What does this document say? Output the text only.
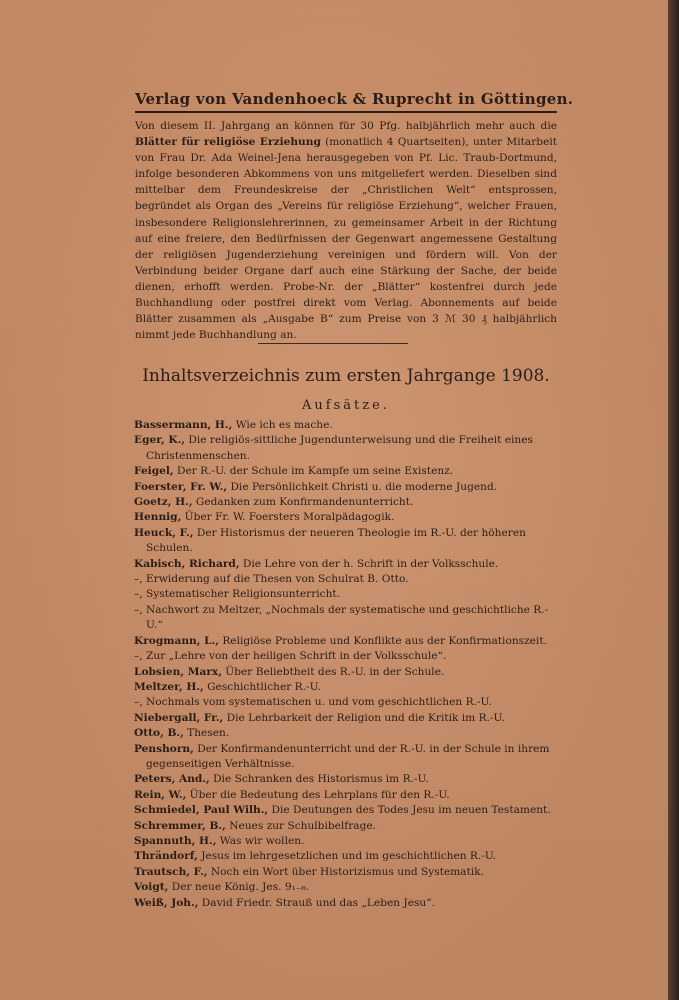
Verlag von Vandenhoeck & Ruprecht in Göttingen.

Von diesem II. Jahrgang an können für 30 Pfg. halbjährlich mehr auch die Blätter für religiöse Erziehung (monatlich 4 Quartseiten), unter Mitarbeit von Frau Dr. Ada Weinel-Jena herausgegeben von Pf. Lic. Traub-Dortmund, infolge besonderen Abkommens von uns mitgeliefert werden. Dieselben sind mittelbar dem Freundeskreise der „Christlichen Welt“ entsprossen, begründet als Organ des „Vereins für religiöse Erziehung“, welcher Frauen, insbesondere Religionslehrerinnen, zu gemeinsamer Arbeit in der Richtung auf eine freiere, den Bedürfnissen der Gegenwart angemessene Gestaltung der religiösen Jugenderziehung vereinigen und fördern will. Von der Verbindung beider Organe darf auch eine Stärkung der Sache, der beide dienen, erhofft werden. Probe-Nr. der „Blätter“ kostenfrei durch jede Buchhandlung oder postfrei direkt vom Verlag. Abonnements auf beide Blätter zusammen als „Ausgabe B“ zum Preise von 3 ℳ 30 ₰ halbjährlich nimmt jede Buchhandlung an.

Inhaltsverzeichnis zum ersten Jahrgange 1908.
Aufsätze.
Bassermann, H., Wie ich es mache.
Eger, K., Die religiös-sittliche Jugendunterweisung und die Freiheit eines Christenmenschen.
Feigel, Der R.-U. der Schule im Kampfe um seine Existenz.
Foerster, Fr. W., Die Persönlichkeit Christi u. die moderne Jugend.
Goetz, H., Gedanken zum Konfirmandenunterricht.
Hennig, Über Fr. W. Foersters Moralpädagogik.
Heuck, F., Der Historismus der neueren Theologie im R.-U. der höheren Schulen.
Kabisch, Richard, Die Lehre von der h. Schrift in der Volksschule.
–, Erwiderung auf die Thesen von Schulrat B. Otto.
–, Systematischer Religionsunterricht.
–, Nachwort zu Meltzer, „Nochmals der systematische und geschichtliche R.-U.“
Krogmann, L., Religiöse Probleme und Konflikte aus der Konfirmationszeit.
–, Zur „Lehre von der heiligen Schrift in der Volksschule“.
Lobsien, Marx, Über Beliebtheit des R.-U. in der Schule.
Meltzer, H., Geschichtlicher R.-U.
–, Nochmals vom systematischen u. und vom geschichtlichen R.-U.
Niebergall, Fr., Die Lehrbarkeit der Religion und die Kritik im R.-U.
Otto, B., Thesen.
Penshorn, Der Konfirmandenunterricht und der R.-U. in der Schule in ihrem gegenseitigen Verhältnisse.
Peters, And., Die Schranken des Historismus im R.-U.
Rein, W., Über die Bedeutung des Lehrplans für den R.-U.
Schmiedel, Paul Wilh., Die Deutungen des Todes Jesu im neuen Testament.
Schremmer, B., Neues zur Schulbibelfrage.
Spannuth, H., Was wir wollen.
Thrändorf, Jesus im lehrgesetzlichen und im geschichtlichen R.-U.
Trautsch, F., Noch ein Wort über Historizismus und Systematik.
Voigt, Der neue König. Jes. 9₁₋₆.
Weiß, Joh., David Friedr. Strauß und das „Leben Jesu“.
